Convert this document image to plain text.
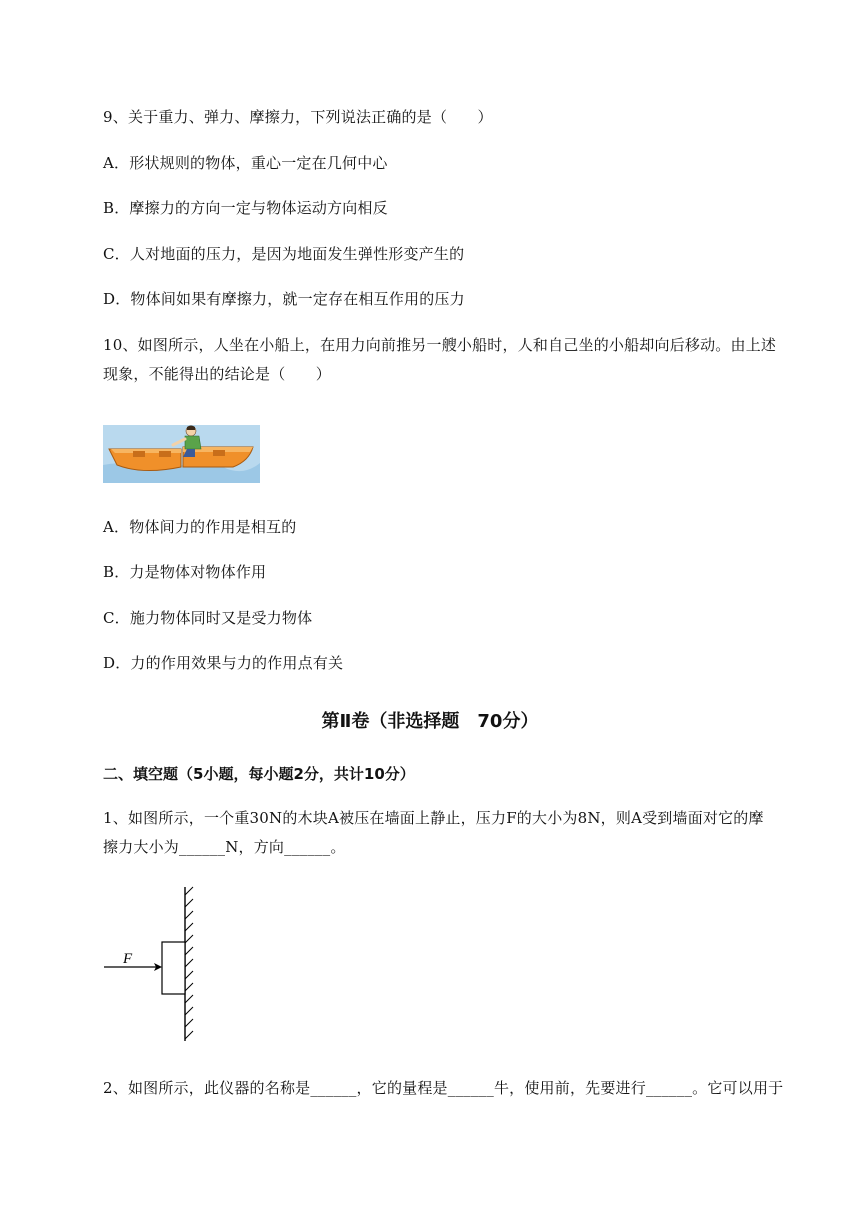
9、关于重力、弹力、摩擦力，下列说法正确的是（　　）
A．形状规则的物体，重心一定在几何中心
B．摩擦力的方向一定与物体运动方向相反
C．人对地面的压力，是因为地面发生弹性形变产生的
D．物体间如果有摩擦力，就一定存在相互作用的压力
10、如图所示，人坐在小船上，在用力向前推另一艘小船时，人和自己坐的小船却向后移动。由上述
现象，不能得出的结论是（　　）
A．物体间力的作用是相互的
B．力是物体对物体作用
C．施力物体同时又是受力物体
D．力的作用效果与力的作用点有关
第Ⅱ卷（非选择题　70分）
二、填空题（5小题，每小题2分，共计10分）
1、如图所示，一个重30N的木块A被压在墙面上静止，压力F的大小为8N，则A受到墙面对它的摩
擦力大小为______N，方向______。
F
2、如图所示，此仪器的名称是______，它的量程是______牛，使用前，先要进行______。它可以用于
